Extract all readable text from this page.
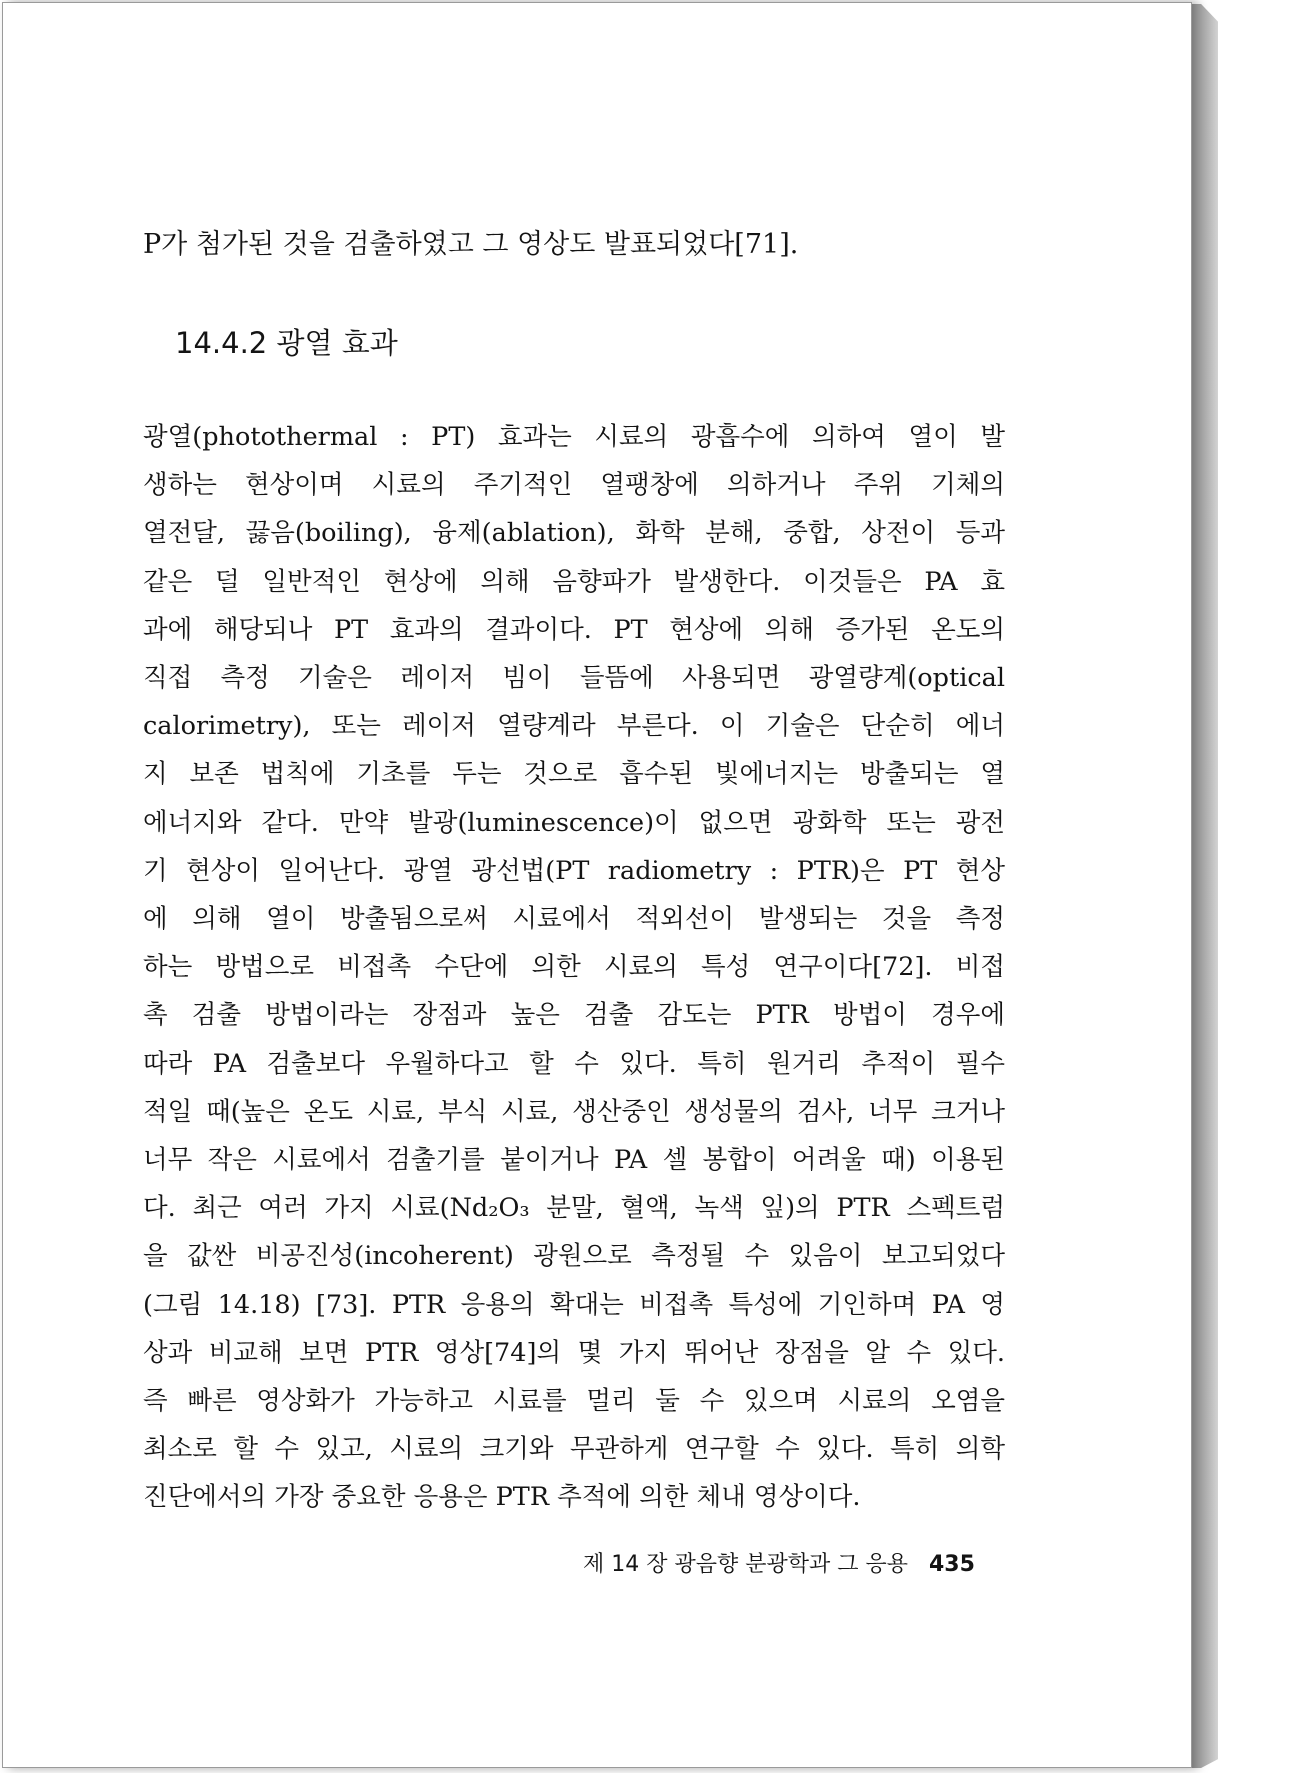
P가 첨가된 것을 검출하였고 그 영상도 발표되었다[71].
14.4.2 광열 효과
광열(photothermal : PT) 효과는 시료의 광흡수에 의하여 열이 발
생하는 현상이며 시료의 주기적인 열팽창에 의하거나 주위 기체의
열전달, 끓음(boiling), 융제(ablation), 화학 분해, 중합, 상전이 등과
같은 덜 일반적인 현상에 의해 음향파가 발생한다. 이것들은 PA 효
과에 해당되나 PT 효과의 결과이다. PT 현상에 의해 증가된 온도의
직접 측정 기술은 레이저 빔이 들뜸에 사용되면 광열량계(optical
calorimetry), 또는 레이저 열량계라 부른다. 이 기술은 단순히 에너
지 보존 법칙에 기초를 두는 것으로 흡수된 빛에너지는 방출되는 열
에너지와 같다. 만약 발광(luminescence)이 없으면 광화학 또는 광전
기 현상이 일어난다. 광열 광선법(PT radiometry : PTR)은 PT 현상
에 의해 열이 방출됨으로써 시료에서 적외선이 발생되는 것을 측정
하는 방법으로 비접촉 수단에 의한 시료의 특성 연구이다[72]. 비접
촉 검출 방법이라는 장점과 높은 검출 감도는 PTR 방법이 경우에
따라 PA 검출보다 우월하다고 할 수 있다. 특히 원거리 추적이 필수
적일 때(높은 온도 시료, 부식 시료, 생산중인 생성물의 검사, 너무 크거나
너무 작은 시료에서 검출기를 붙이거나 PA 셀 봉합이 어려울 때) 이용된
다. 최근 여러 가지 시료(Nd₂O₃ 분말, 혈액, 녹색 잎)의 PTR 스펙트럼
을 값싼 비공진성(incoherent) 광원으로 측정될 수 있음이 보고되었다
(그림 14.18) [73]. PTR 응용의 확대는 비접촉 특성에 기인하며 PA 영
상과 비교해 보면 PTR 영상[74]의 몇 가지 뛰어난 장점을 알 수 있다.
즉 빠른 영상화가 가능하고 시료를 멀리 둘 수 있으며 시료의 오염을
최소로 할 수 있고, 시료의 크기와 무관하게 연구할 수 있다. 특히 의학
진단에서의 가장 중요한 응용은 PTR 추적에 의한 체내 영상이다.
제 14 장 광음향 분광학과 그 응용 435
